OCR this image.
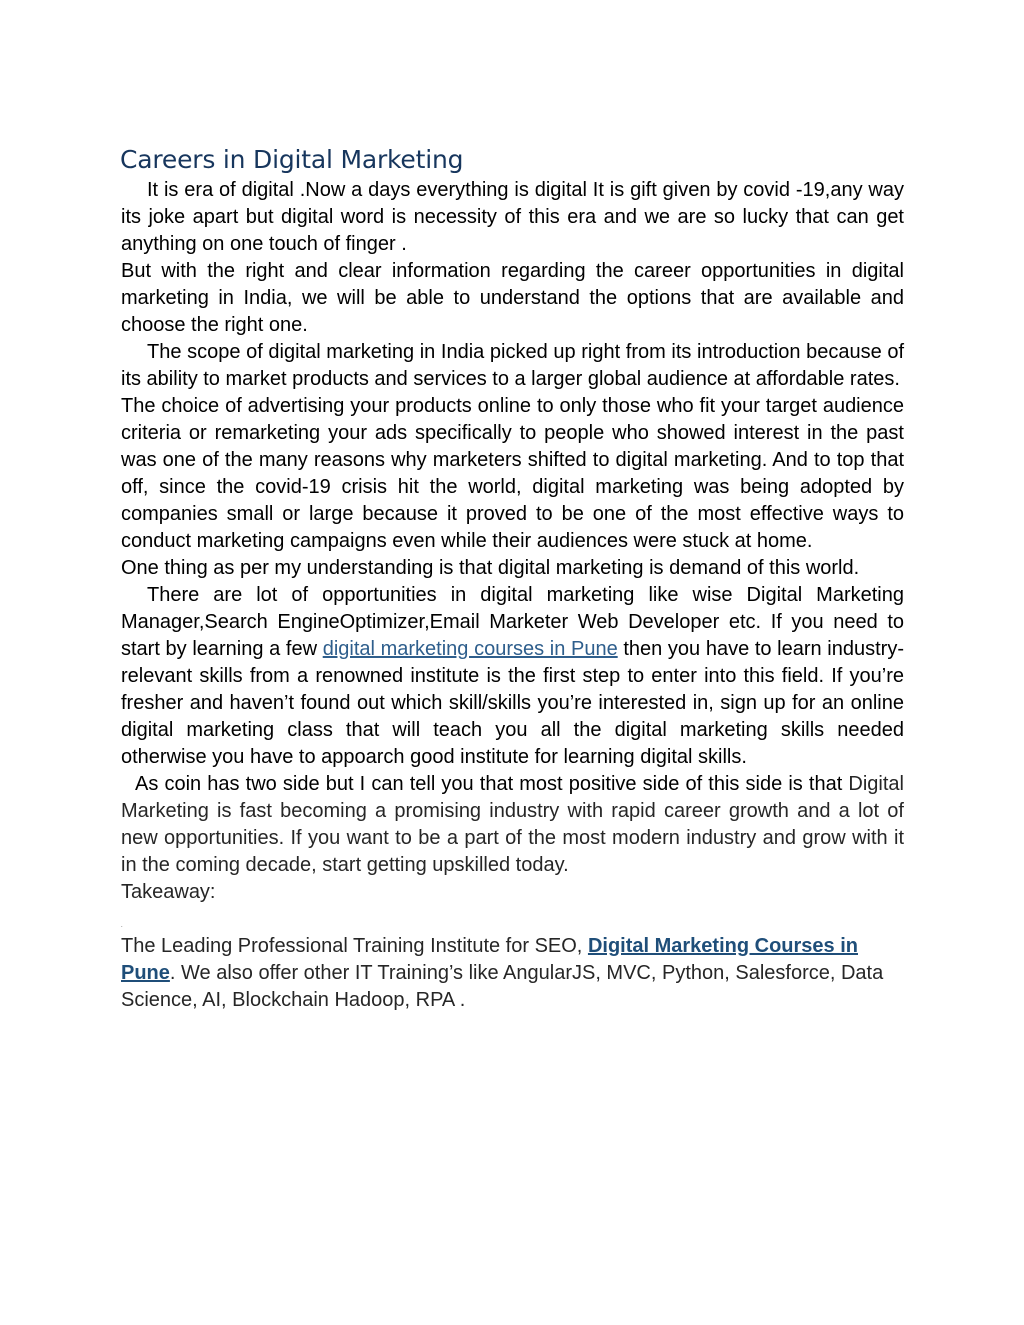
Careers in Digital Marketing

It is era of digital .Now a days everything is digital It is gift given by covid -19,any way its joke apart but digital word is necessity of this era and we are so lucky that can get anything on one touch of finger .

But with the right and clear information regarding the career opportunities in digital marketing in India, we will be able to understand the options that are available and choose the right one.

The scope of digital marketing in India picked up right from its introduction because of its ability to market products and services to a larger global audience at affordable rates.

The choice of advertising your products online to only those who fit your target audience criteria or remarketing your ads specifically to people who showed interest in the past was one of the many reasons why marketers shifted to digital marketing. And to top that off, since the covid-19 crisis hit the world, digital marketing was being adopted by companies small or large because it proved to be one of the most effective ways to conduct marketing campaigns even while their audiences were stuck at home.

One thing as per my understanding is that digital marketing is demand of this world.

There are lot of opportunities in digital marketing like wise Digital Marketing Manager,Search EngineOptimizer,Email Marketer Web Developer etc. If you need to start by learning a few digital marketing courses in Pune then you have to learn industry-relevant skills from a renowned institute is the first step to enter into this field. If you’re fresher and haven’t found out which skill/skills you’re interested in, sign up for an online digital marketing class that will teach you all the digital marketing skills needed otherwise you have to appoarch good institute for learning digital skills.

As coin has two side but I can tell you that most positive side of this side is that Digital Marketing is fast becoming a promising industry with rapid career growth and a lot of new opportunities. If you want to be a part of the most modern industry and grow with it in the coming decade, start getting upskilled today.

Takeaway:

.

The Leading Professional Training Institute for SEO, Digital Marketing Courses in Pune. We also offer other IT Training’s like AngularJS, MVC, Python, Salesforce, Data Science, AI, Blockchain Hadoop, RPA .
